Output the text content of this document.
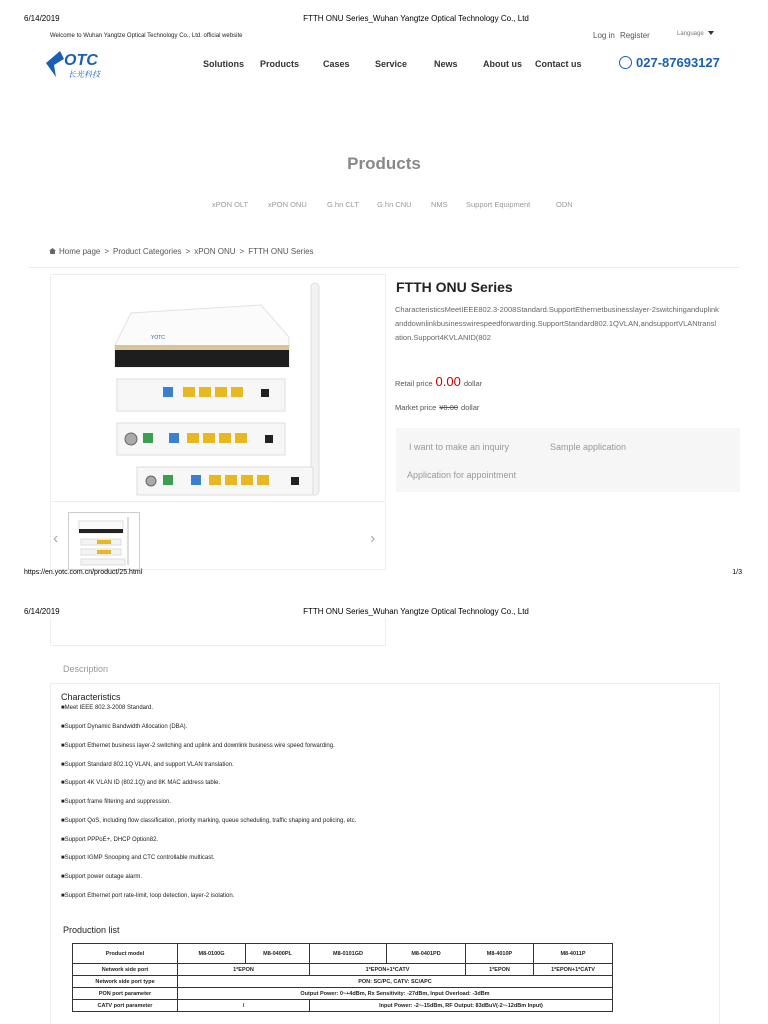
6/14/2019	FTTH ONU Series_Wuhan Yangtze Optical Technology Co., Ltd
Welcome to Wuhan Yangtze Optical Technology Co., Ltd. official website	Log in Register	Language
OTC
长光科技
Solutions Products	Cases	Service	News	About us Contact us	027-87693127
Products
xPON OLT	xPON ONU	G.hn CLT G.hn CNU	NMS Support Equipment	ODN
Home page > Product Categories > xPON ONU > FTTH ONU Series
YOTC
‹	›
FTTH ONU Series
CharacteristicsMeetIEEE802.3-2008Standard.SupportEthernetbusinesslayer-2switchinganduplinkanddownlinkbusinesswirespeedforwarding.SupportStandard802.1QVLAN,andsupportVLANtranslation.Support4KVLANID(802
Retail price 0.00 dollar
Market price ¥0.00 dollar
I want to make an inquiry	Sample application
Application for appointment
https://en.yotc.com.cn/product/25.html	1/3
6/14/2019	FTTH ONU Series_Wuhan Yangtze Optical Technology Co., Ltd
Description
Characteristics
■Meet IEEE 802.3-2008 Standard.
■Support Dynamic Bandwidth Allocation (DBA).
■Support Ethernet business layer-2 switching and uplink and downlink business wire speed forwarding.
■Support Standard 802.1Q VLAN, and support VLAN translation.
■Support 4K VLAN ID (802.1Q) and 8K MAC address table.
■Support frame filtering and suppression.
■Support QoS, including flow classification, priority marking, queue scheduling, traffic shaping and policing, etc.
■Support PPPoE+, DHCP Option82.
■Support IGMP Snooping and CTC controllable multicast.
■Support power outage alarm.
■Support Ethernet port rate-limit, loop detection, layer-2 isolation.
Production list
Product model	M8-0100G	M8-0400PL	M8-0101GD	M8-0401PD	M8-4010P	M8-4011P
Network side port	1*EPON		1*EPON+1*CATV		1*EPON	1*EPON+1*CATV
Network side port type	PON: SC/PC, CATV: SC/APC					
PON port parameter	Output Power: 0~+4dBm, Rx Sensitivity: -27dBm, Input Overload: -3dBm					
CATV port parameter	/		Input Power: -2~-15dBm, RF Output: 83dBuV(-2~-12dBm Input)			
